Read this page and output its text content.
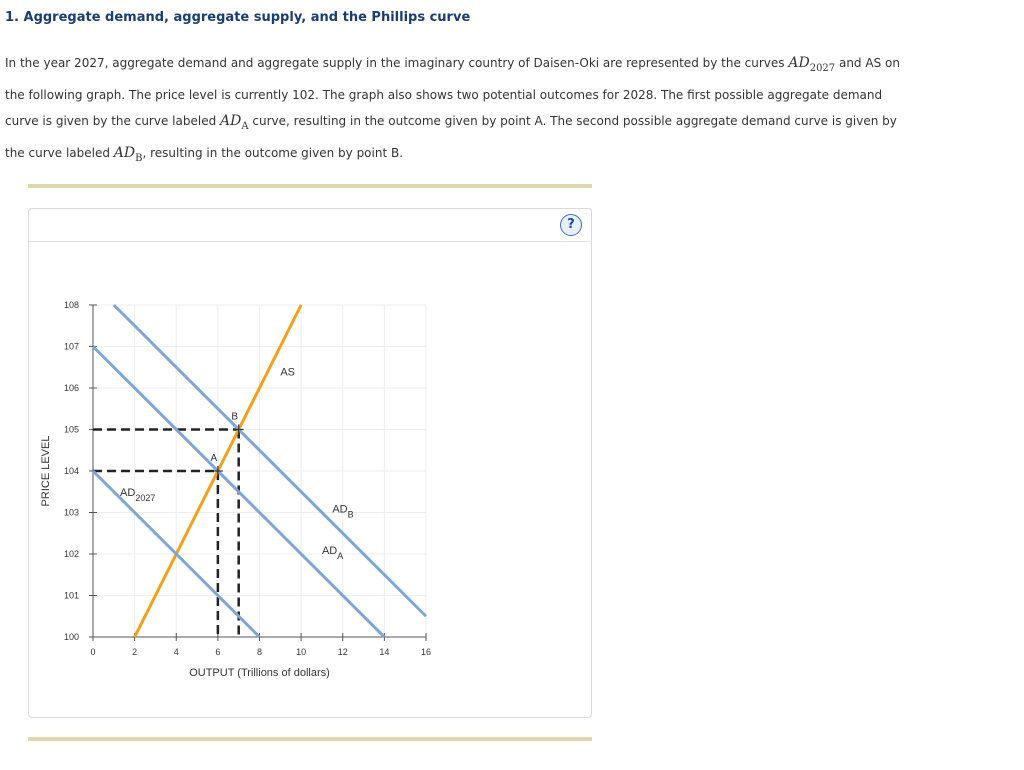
1. Aggregate demand, aggregate supply, and the Phillips curve
In the year 2027, aggregate demand and aggregate supply in the imaginary country of Daisen-Oki are represented by the curves $AD_{2027}$ and AS on
the following graph. The price level is currently 102. The graph also shows two potential outcomes for 2028. The first possible aggregate demand
curve is given by the curve labeled $AD_A$ curve, resulting in the outcome given by point A. The second possible aggregate demand curve is given by
the curve labeled $AD_B$, resulting in the outcome given by point B.
?
0	2	4	6	8	10	12	14	16
100
101
102
103
104
105
106
107
108
OUTPUT (Trillions of dollars)
PRICE LEVEL	A
B
AS
$AD_{2027}$
$AD_B$
$AD_A$
